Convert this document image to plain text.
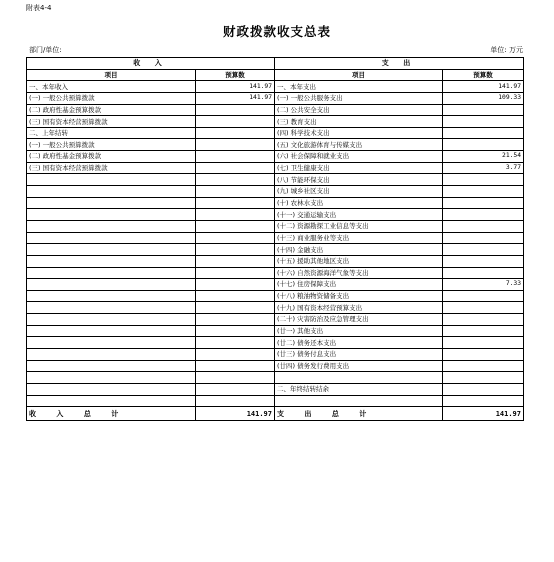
附表4-4
财政拨款收支总表
部门/单位:	单位: 万元
收 入		支 出	
项目	预算数	项目	预算数
一、本年收入	141.97	一、本年支出	141.97
(一) 一般公共预算拨款	141.97	(一) 一般公共服务支出	109.33
(二) 政府性基金预算拨款		(二) 公共安全支出	
(三) 国有资本经营预算拨款		(三) 教育支出	
二、上年结转		(四) 科学技术支出	
(一) 一般公共预算拨款		(五) 文化旅游体育与传媒支出	
(二) 政府性基金预算拨款		(六) 社会保障和就业支出	21.54
(三) 国有资本经营预算拨款		(七) 卫生健康支出	3.77
		(八) 节能环保支出	
		(九) 城乡社区支出	
		(十) 农林水支出	
		(十一) 交通运输支出	
		(十二) 资源勘探工业信息等支出	
		(十三) 商业服务业等支出	
		(十四) 金融支出	
		(十五) 援助其他地区支出	
		(十六) 自然资源海洋气象等支出	
		(十七) 住房保障支出	7.33
		(十八) 粮油物资储备支出	
		(十九) 国有资本经营预算支出	
		(二十) 灾害防治及应急管理支出	
		(廿一) 其他支出	
		(廿二) 债务还本支出	
		(廿三) 债务付息支出	
		(廿四) 债务发行费用支出	

		二、年终结转结余	

收 入 总 计	141.97	支 出 总 计	141.97
